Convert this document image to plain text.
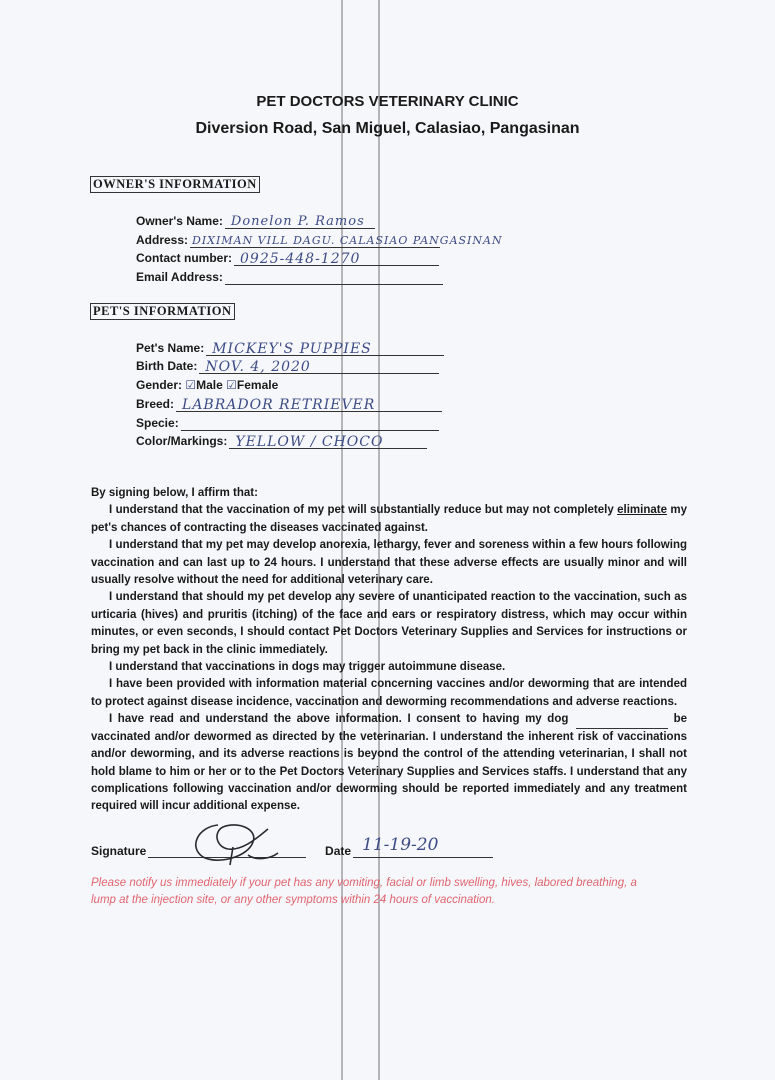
PET DOCTORS VETERINARY CLINIC
Diversion Road, San Miguel, Calasiao, Pangasinan
OWNER'S INFORMATION
Owner's Name: Donelon P. Ramos
Address: DIXIMAN VILL DAGU. CALASIAO PANGASINAN
Contact number: 0925-448-1270
Email Address:
PET'S INFORMATION
Pet's Name: MICKEY'S PUPPIES
Birth Date: NOV. 4, 2020
Gender: ☑Male ☑Female
Breed: LABRADOR RETRIEVER
Specie:
Color/Markings: YELLOW / CHOCO

By signing below, I affirm that:

I understand that the vaccination of my pet will substantially reduce but may not completely eliminate my pet's chances of contracting the diseases vaccinated against.

I understand that my pet may develop anorexia, lethargy, fever and soreness within a few hours following vaccination and can last up to 24 hours. I understand that these adverse effects are usually minor and will usually resolve without the need for additional veterinary care.

I understand that should my pet develop any severe of unanticipated reaction to the vaccination, such as urticaria (hives) and pruritis (itching) of the face and ears or respiratory distress, which may occur within minutes, or even seconds, I should contact Pet Doctors Veterinary Supplies and Services for instructions or bring my pet back in the clinic immediately.

I understand that vaccinations in dogs may trigger autoimmune disease.

I have been provided with information material concerning vaccines and/or deworming that are intended to protect against disease incidence, vaccination and deworming recommendations and adverse reactions.

I have read and understand the above information. I consent to having my dog	be vaccinated and/or dewormed as directed by the veterinarian. I understand the inherent risk of vaccinations and/or deworming, and its adverse reactions is beyond the control of the attending veterinarian, I shall not hold blame to him or her or to the Pet Doctors Veterinary Supplies and Services staffs. I understand that any complications following vaccination and/or deworming should be reported immediately and any treatment required will incur additional expense.

Signature	Date 11-19-20
Please notify us immediately if your pet has any vomiting, facial or limb swelling, hives, labored breathing, a lump at the injection site, or any other symptoms within 24 hours of vaccination.
